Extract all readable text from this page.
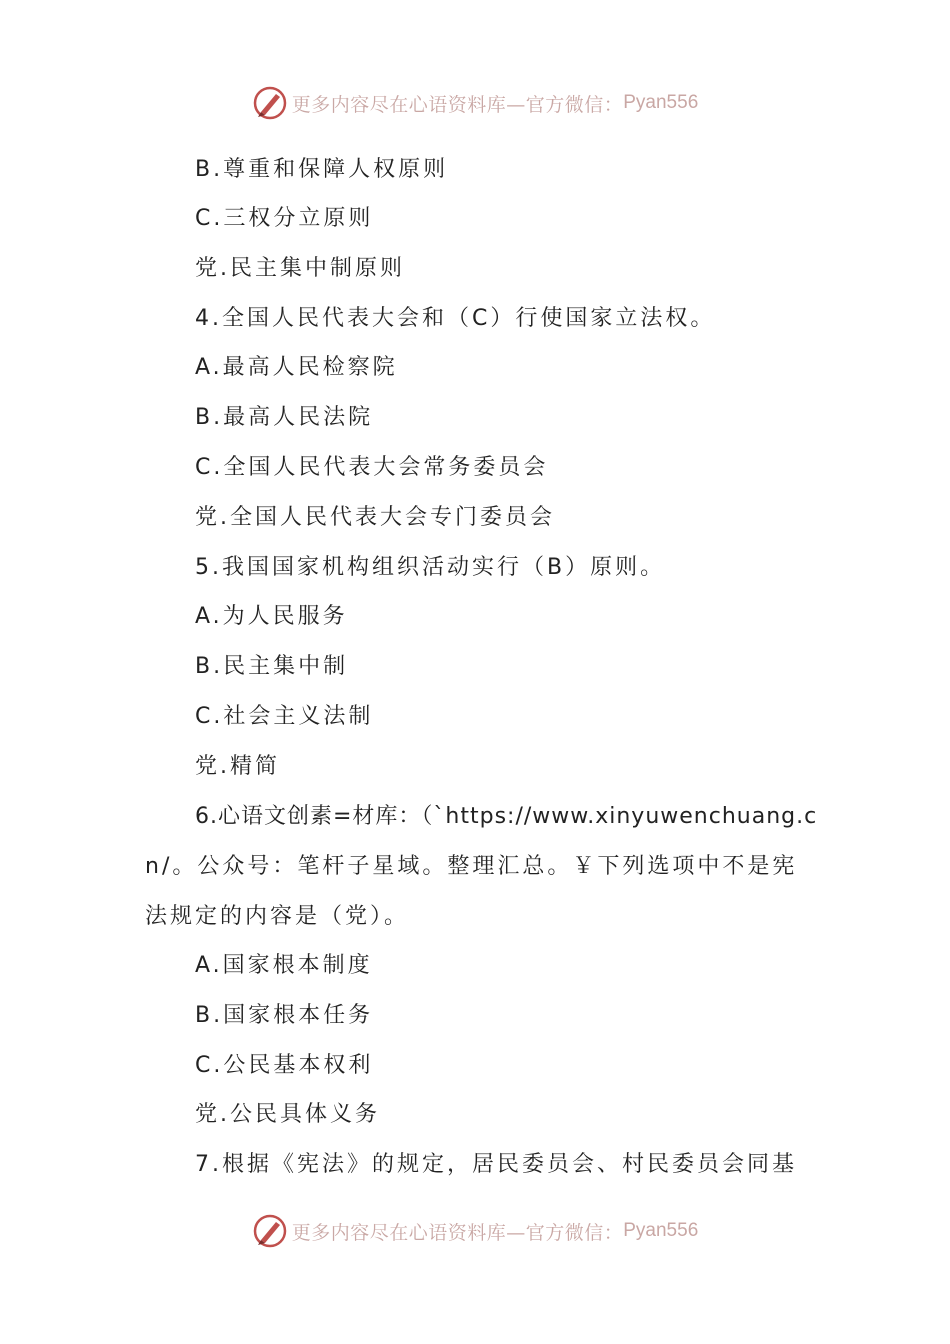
更多内容尽在心语资料库—官方微信： Pyan556
B.尊重和保障人权原则
C.三权分立原则
党.民主集中制原则
4.全国人民代表大会和（C）行使国家立法权。
A.最高人民检察院
B.最高人民法院
C.全国人民代表大会常务委员会
党.全国人民代表大会专门委员会
5.我国国家机构组织活动实行（B）原则。
A.为人民服务
B.民主集中制
C.社会主义法制
党.精简
6.心语文创素=材库：（`https://www.xinyuwenchuang.c
n/。公众号：笔杆子星域。整理汇总。￥下列选项中不是宪
法规定的内容是（党）。
A.国家根本制度
B.国家根本任务
C.公民基本权利
党.公民具体义务
7.根据《宪法》的规定，居民委员会、村民委员会同基
更多内容尽在心语资料库—官方微信： Pyan556
